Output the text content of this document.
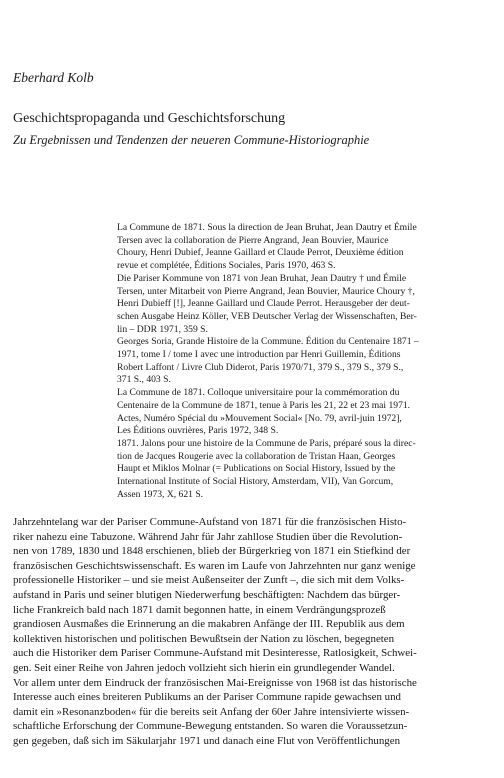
Eberhard Kolb
Geschichtspropaganda und Geschichtsforschung
Zu Ergebnissen und Tendenzen der neueren Commune-Historiographie
La Commune de 1871. Sous la direction de Jean Bruhat, Jean Dautry et Émile
Tersen avec la collaboration de Pierre Angrand, Jean Bouvier, Maurice
Choury, Henri Dubief, Jeanne Gaillard et Claude Perrot, Deuxième édition
revue et complétée, Éditions Sociales, Paris 1970, 463 S.
Die Pariser Kommune von 1871 von Jean Bruhat, Jean Dautry † und Émile
Tersen, unter Mitarbeit von Pierre Angrand, Jean Bouvier, Maurice Choury †,
Henri Dubieff [!], Jeanne Gaillard und Claude Perrot. Herausgeber der deut-
schen Ausgabe Heinz Köller, VEB Deutscher Verlag der Wissenschaften, Ber-
lin – DDR 1971, 359 S.
Georges Soria, Grande Histoire de la Commune. Édition du Centenaire 1871 –
1971, tome I / tome I avec une introduction par Henri Guillemin, Éditions
Robert Laffont / Livre Club Diderot, Paris 1970/71, 379 S., 379 S., 379 S.,
371 S., 403 S.
La Commune de 1871. Colloque universitaire pour la commémoration du
Centenaire de la Commune de 1871, tenue à Paris les 21, 22 et 23 mai 1971.
Actes, Numéro Spécial du »Mouvement Social« [No. 79, avril-juin 1972],
Les Éditions ouvrières, Paris 1972, 348 S.
1871. Jalons pour une histoire de la Commune de Paris, préparé sous la direc-
tion de Jacques Rougerie avec la collaboration de Tristan Haan, Georges
Haupt et Miklos Molnar (= Publications on Social History, Issued by the
International Institute of Social History, Amsterdam, VII), Van Gorcum,
Assen 1973, X, 621 S.
Jahrzehntelang war der Pariser Commune-Aufstand von 1871 für die französischen Histo-
riker nahezu eine Tabuzone. Während Jahr für Jahr zahllose Studien über die Revolution-
nen von 1789, 1830 und 1848 erschienen, blieb der Bürgerkrieg von 1871 ein Stiefkind der
französischen Geschichtswissenschaft. Es waren im Laufe von Jahrzehnten nur ganz wenige
professionelle Historiker – und sie meist Außenseiter der Zunft –, die sich mit dem Volks-
aufstand in Paris und seiner blutigen Niederwerfung beschäftigten: Nachdem das bürger-
liche Frankreich bald nach 1871 damit begonnen hatte, in einem Verdrängungsprozeß
grandiosen Ausmaßes die Erinnerung an die makabren Anfänge der III. Republik aus dem
kollektiven historischen und politischen Bewußtsein der Nation zu löschen, begegneten
auch die Historiker dem Pariser Commune-Aufstand mit Desinteresse, Ratlosigkeit, Schwei-
gen. Seit einer Reihe von Jahren jedoch vollzieht sich hierin ein grundlegender Wandel.
Vor allem unter dem Eindruck der französischen Mai-Ereignisse von 1968 ist das historische
Interesse auch eines breiteren Publikums an der Pariser Commune rapide gewachsen und
damit ein »Resonanzboden« für die bereits seit Anfang der 60er Jahre intensivierte wissen-
schaftliche Erforschung der Commune-Bewegung entstanden. So waren die Voraussetzun-
gen gegeben, daß sich im Säkularjahr 1971 und danach eine Flut von Veröffentlichungen
